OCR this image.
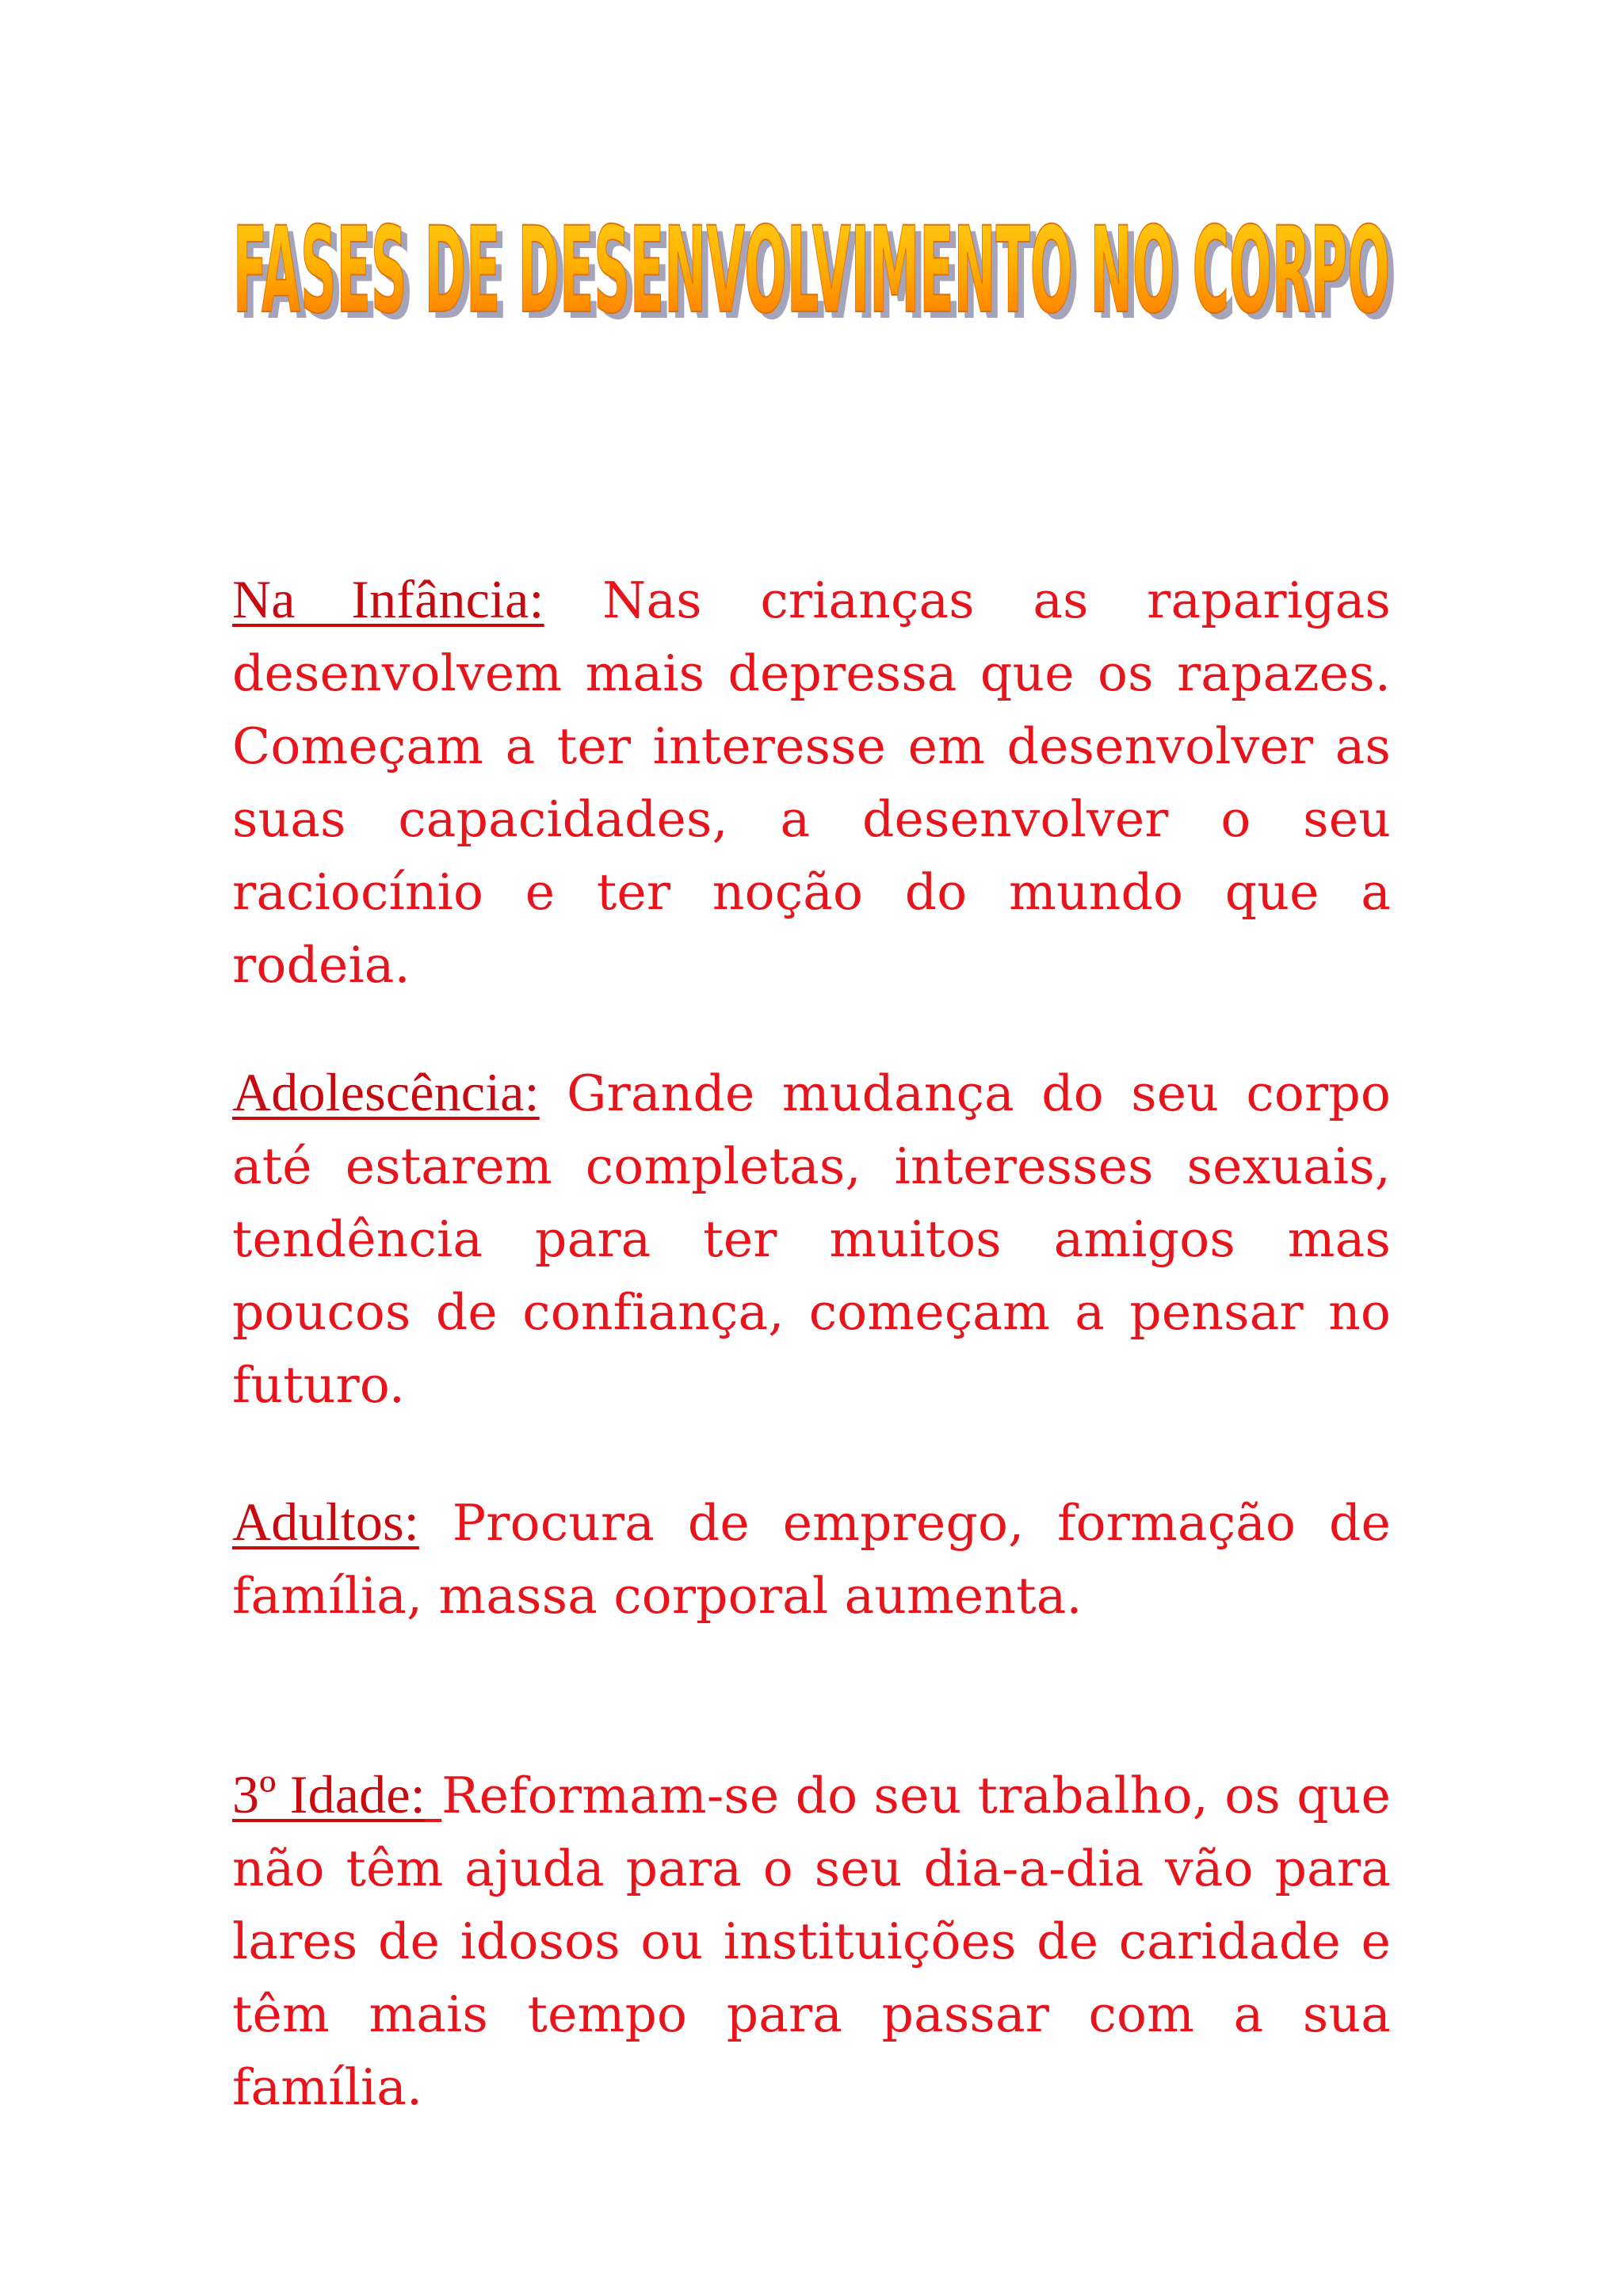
FASES DE DESENVOLVIMENTO NO CORPO
FASES DE DESENVOLVIMENTO NO CORPO

Na Infância: Nas crianças as raparigas desenvolvem mais depressa que os rapazes. Começam a ter interesse em desenvolver as suas capacidades, a desenvolver o seu raciocínio e ter noção do mundo que a rodeia.

Adolescência: Grande mudança do seu corpo até estarem completas, interesses sexuais, tendência para ter muitos amigos mas poucos de confiança, começam a pensar no futuro.

Adultos: Procura de emprego, formação de família, massa corporal aumenta.

3º Idade: Reformam-se do seu trabalho, os que não têm ajuda para o seu dia-a-dia vão para lares de idosos ou instituições de caridade e têm mais tempo para passar com a sua família.
